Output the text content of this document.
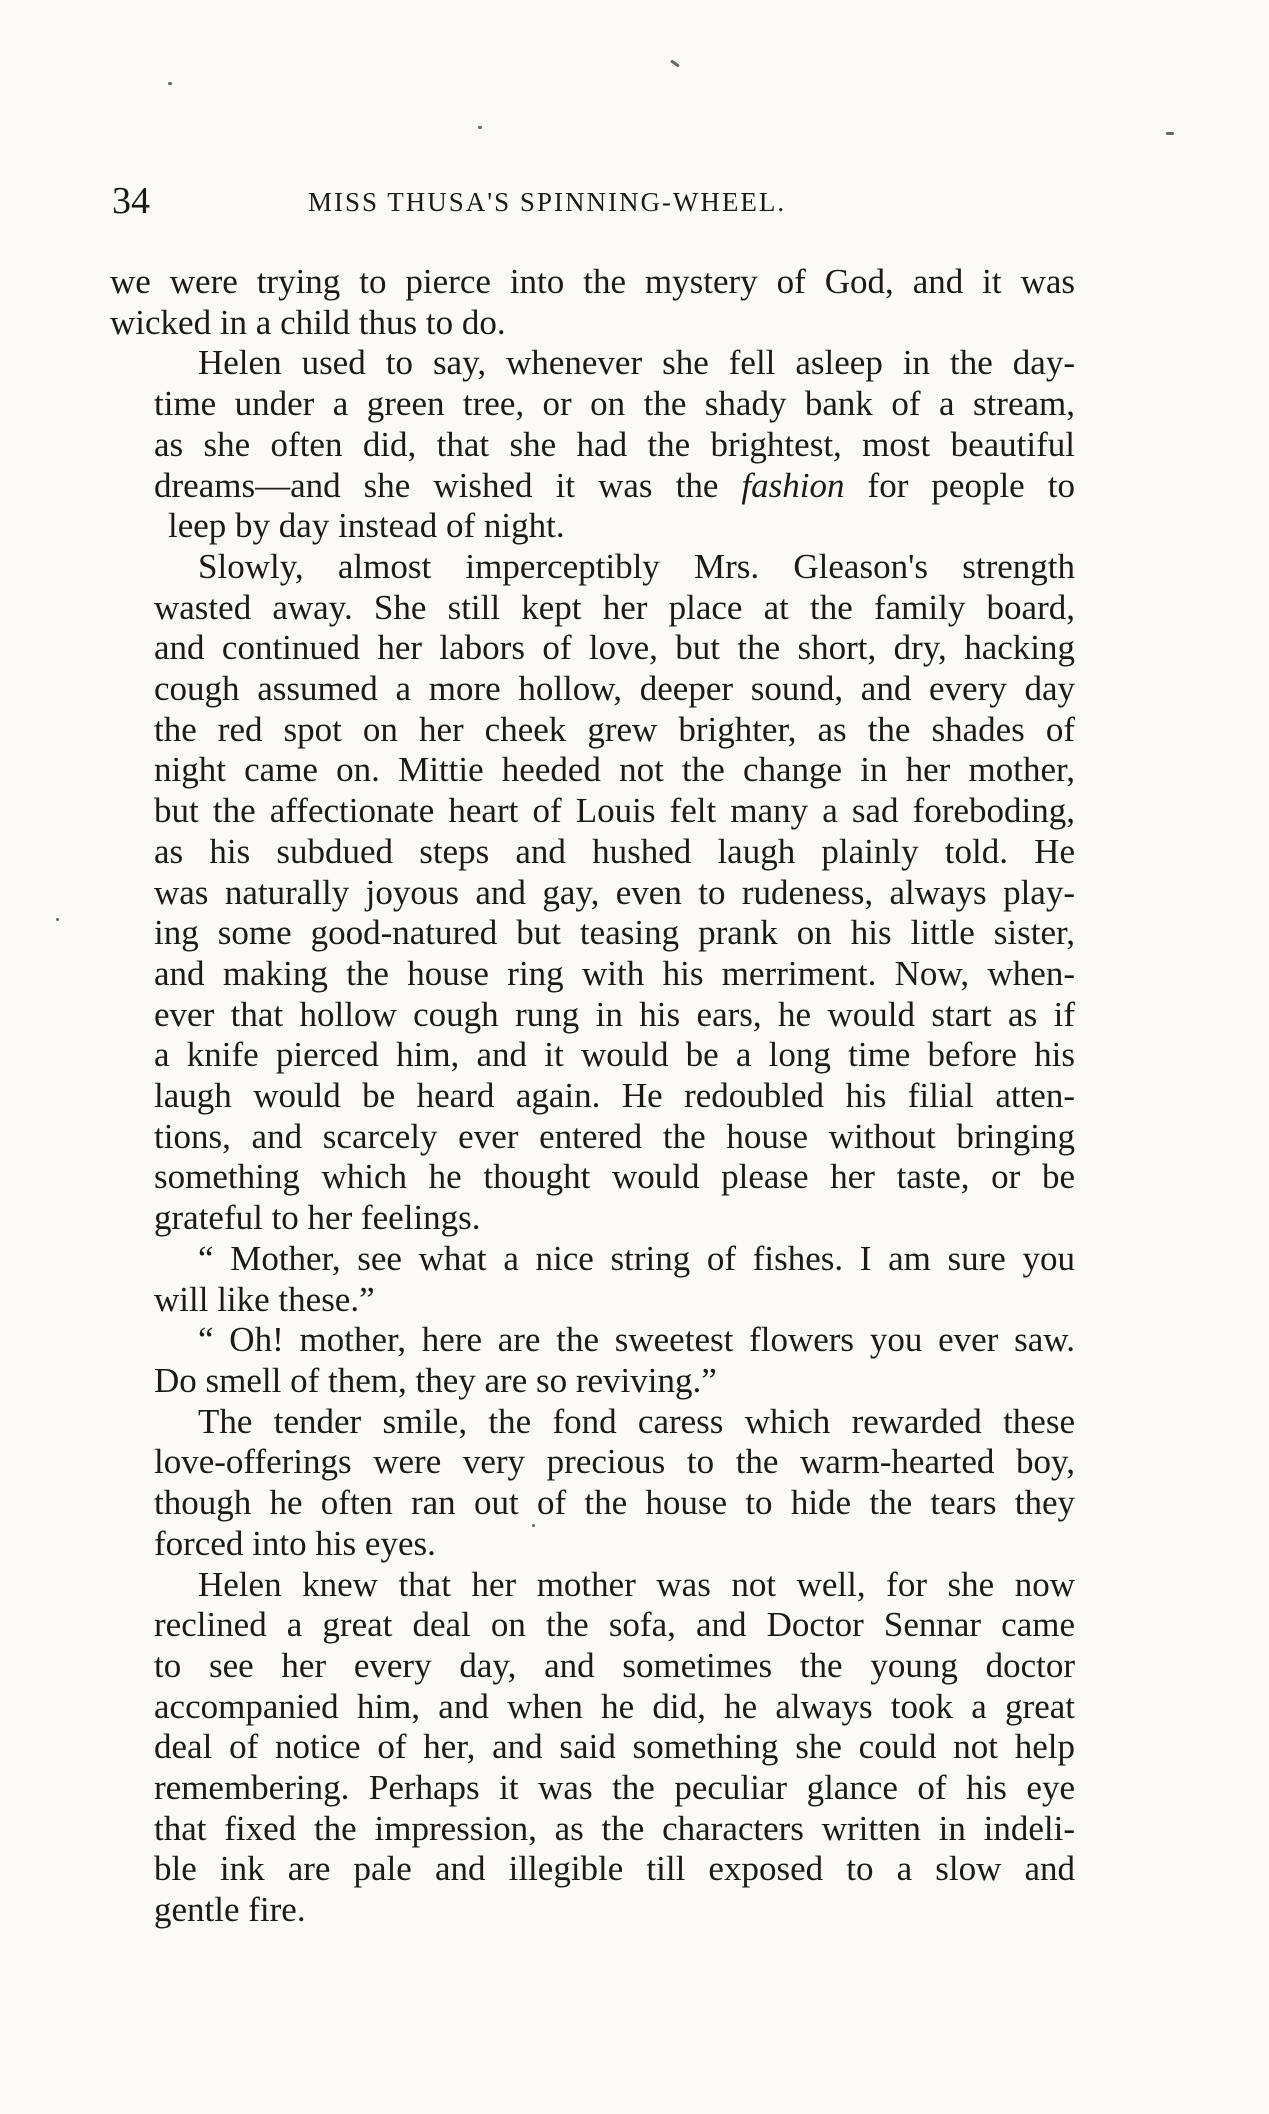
34	MISS THUSA'S SPINNING-WHEEL.

we were trying to pierce into the mystery of God, and it was
wicked in a child thus to do.

Helen used to say, whenever she fell asleep in the day-
time under a green tree, or on the shady bank of a stream,
as she often did, that she had the brightest, most beautiful
dreams—and she wished it was the fashion for people to
leep by day instead of night.

Slowly, almost imperceptibly Mrs. Gleason's strength
wasted away. She still kept her place at the family board,
and continued her labors of love, but the short, dry, hacking
cough assumed a more hollow, deeper sound, and every day
the red spot on her cheek grew brighter, as the shades of
night came on. Mittie heeded not the change in her mother,
but the affectionate heart of Louis felt many a sad foreboding,
as his subdued steps and hushed laugh plainly told. He
was naturally joyous and gay, even to rudeness, always play-
ing some good-natured but teasing prank on his little sister,
and making the house ring with his merriment. Now, when-
ever that hollow cough rung in his ears, he would start as if
a knife pierced him, and it would be a long time before his
laugh would be heard again. He redoubled his filial atten-
tions, and scarcely ever entered the house without bringing
something which he thought would please her taste, or be
grateful to her feelings.

“ Mother, see what a nice string of fishes. I am sure you
will like these.”

“ Oh! mother, here are the sweetest flowers you ever saw.
Do smell of them, they are so reviving.”

The tender smile, the fond caress which rewarded these
love-offerings were very precious to the warm-hearted boy,
though he often ran out of the house to hide the tears they
forced into his eyes.

Helen knew that her mother was not well, for she now
reclined a great deal on the sofa, and Doctor Sennar came
to see her every day, and sometimes the young doctor
accompanied him, and when he did, he always took a great
deal of notice of her, and said something she could not help
remembering. Perhaps it was the peculiar glance of his eye
that fixed the impression, as the characters written in indeli-
ble ink are pale and illegible till exposed to a slow and
gentle fire.
